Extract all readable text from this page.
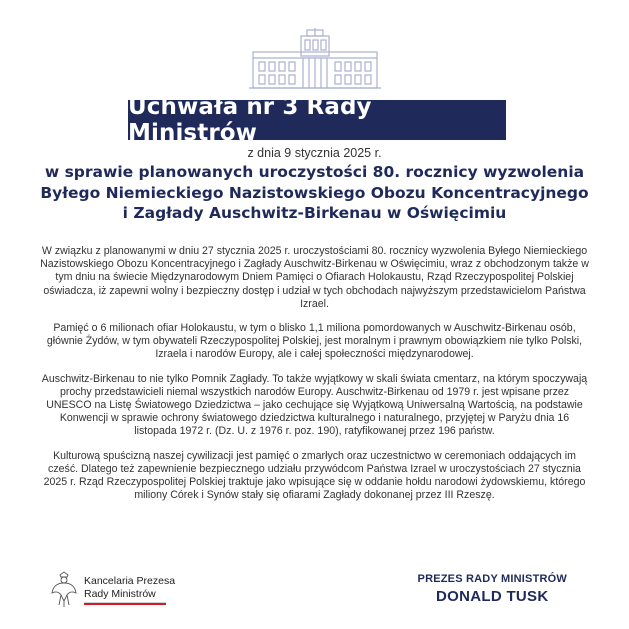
Uchwała nr 3 Rady Ministrów
z dnia 9 stycznia 2025 r.
w sprawie planowanych uroczystości 80. rocznicy wyzwolenia
Byłego Niemieckiego Nazistowskiego Obozu Koncentracyjnego
i Zagłady Auschwitz-Birkenau w Oświęcimiu

W związku z planowanymi w dniu 27 stycznia 2025 r. uroczystościami 80. rocznicy wyzwolenia Byłego Niemieckiego Nazistowskiego Obozu Koncentracyjnego i Zagłady Auschwitz-Birkenau w Oświęcimiu, wraz z obchodzonym także w tym dniu na świecie Międzynarodowym Dniem Pamięci o Ofiarach Holokaustu, Rząd Rzeczypospolitej Polskiej oświadcza, iż zapewni wolny i bezpieczny dostęp i udział w tych obchodach najwyższym przedstawicielom Państwa Izrael.

Pamięć o 6 milionach ofiar Holokaustu, w tym o blisko 1,1 miliona pomordowanych w Auschwitz-Birkenau osób, głównie Żydów, w tym obywateli Rzeczypospolitej Polskiej, jest moralnym i prawnym obowiązkiem nie tylko Polski, Izraela i narodów Europy, ale i całej społeczności międzynarodowej.

Auschwitz-Birkenau to nie tylko Pomnik Zagłady. To także wyjątkowy w skali świata cmentarz, na którym spoczywają prochy przedstawicieli niemal wszystkich narodów Europy. Auschwitz-Birkenau od 1979 r. jest wpisane przez UNESCO na Listę Światowego Dziedzictwa – jako cechujące się Wyjątkową Uniwersalną Wartością, na podstawie Konwencji w sprawie ochrony światowego dziedzictwa kulturalnego i naturalnego, przyjętej w Paryżu dnia 16 listopada 1972 r. (Dz. U. z 1976 r. poz. 190), ratyfikowanej przez 196 państw.

Kulturową spuścizną naszej cywilizacji jest pamięć o zmarłych oraz uczestnictwo w ceremoniach oddających im cześć. Dlatego też zapewnienie bezpiecznego udziału przywódcom Państwa Izrael w uroczystościach 27 stycznia 2025 r. Rząd Rzeczypospolitej Polskiej traktuje jako wpisujące się w oddanie hołdu narodowi żydowskiemu, którego miliony Córek i Synów stały się ofiarami Zagłady dokonanej przez III Rzeszę.

Kancelaria Prezesa
Rady Ministrów
PREZES RADY MINISTRÓW
DONALD TUSK
